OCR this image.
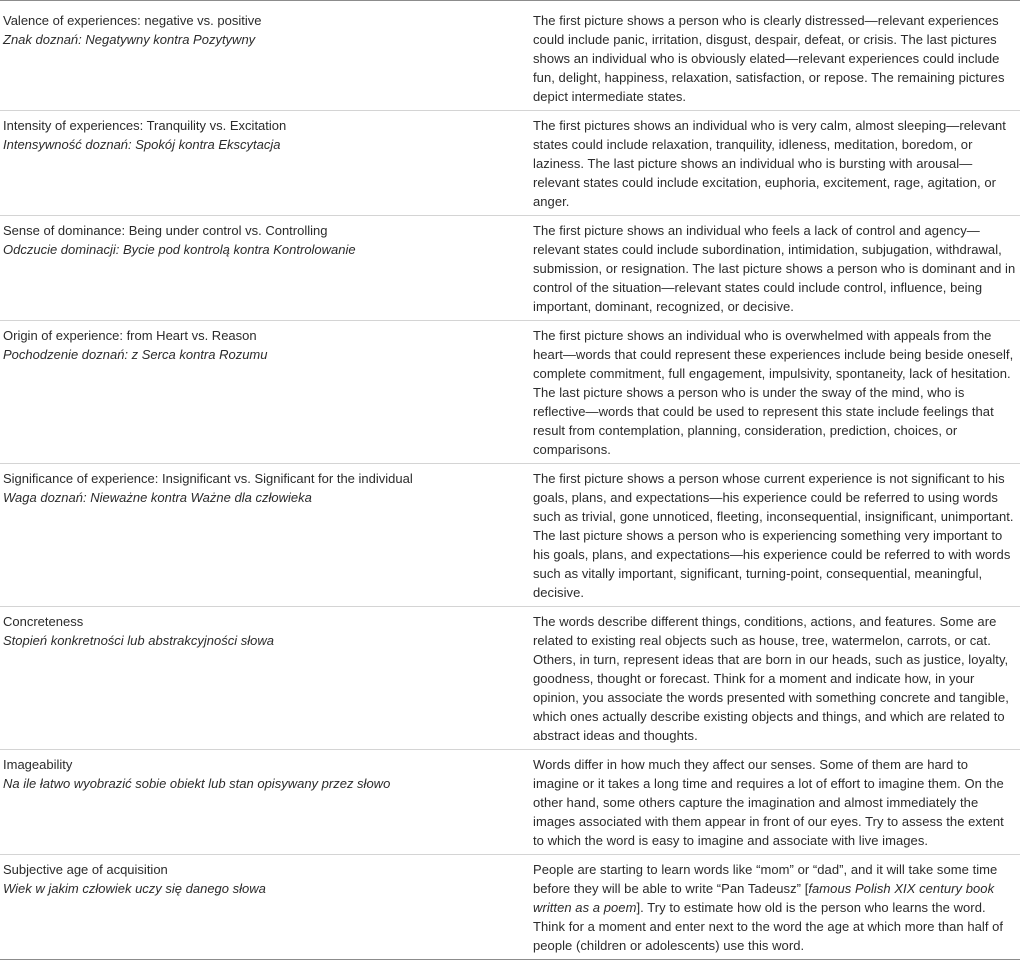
Valence of experiences: negative vs. positive
Znak doznań: Negatywny kontra Pozytywny
The first picture shows a person who is clearly distressed—relevant experiences could include panic, irritation, disgust, despair, defeat, or crisis. The last pictures shows an individual who is obviously elated—relevant experiences could include fun, delight, happiness, relaxation, satisfaction, or repose. The remaining pictures depict intermediate states.
Intensity of experiences: Tranquility vs. Excitation
Intensywność doznań: Spokój kontra Ekscytacja
The first pictures shows an individual who is very calm, almost sleeping—relevant states could include relaxation, tranquility, idleness, meditation, boredom, or laziness. The last picture shows an individual who is bursting with arousal—relevant states could include excitation, euphoria, excitement, rage, agitation, or anger.
Sense of dominance: Being under control vs. Controlling
Odczucie dominacji: Bycie pod kontrolą kontra Kontrolowanie
The first picture shows an individual who feels a lack of control and agency—relevant states could include subordination, intimidation, subjugation, withdrawal, submission, or resignation. The last picture shows a person who is dominant and in control of the situation—relevant states could include control, influence, being important, dominant, recognized, or decisive.
Origin of experience: from Heart vs. Reason
Pochodzenie doznań: z Serca kontra Rozumu
The first picture shows an individual who is overwhelmed with appeals from the heart—words that could represent these experiences include being beside oneself, complete commitment, full engagement, impulsivity, spontaneity, lack of hesitation. The last picture shows a person who is under the sway of the mind, who is reflective—words that could be used to represent this state include feelings that result from contemplation, planning, consideration, prediction, choices, or comparisons.
Significance of experience: Insignificant vs. Significant for the individual
Waga doznań: Nieważne kontra Ważne dla człowieka
The first picture shows a person whose current experience is not significant to his goals, plans, and expectations—his experience could be referred to using words such as trivial, gone unnoticed, fleeting, inconsequential, insignificant, unimportant. The last picture shows a person who is experiencing something very important to his goals, plans, and expectations—his experience could be referred to with words such as vitally important, significant, turning-point, consequential, meaningful, decisive.
Concreteness
Stopień konkretności lub abstrakcyjności słowa
The words describe different things, conditions, actions, and features. Some are related to existing real objects such as house, tree, watermelon, carrots, or cat. Others, in turn, represent ideas that are born in our heads, such as justice, loyalty, goodness, thought or forecast. Think for a moment and indicate how, in your opinion, you associate the words presented with something concrete and tangible, which ones actually describe existing objects and things, and which are related to abstract ideas and thoughts.
Imageability
Na ile łatwo wyobrazić sobie obiekt lub stan opisywany przez słowo
Words differ in how much they affect our senses. Some of them are hard to imagine or it takes a long time and requires a lot of effort to imagine them. On the other hand, some others capture the imagination and almost immediately the images associated with them appear in front of our eyes. Try to assess the extent to which the word is easy to imagine and associate with live images.
Subjective age of acquisition
Wiek w jakim człowiek uczy się danego słowa
People are starting to learn words like “mom” or “dad”, and it will take some time before they will be able to write “Pan Tadeusz” [famous Polish XIX century book written as a poem]. Try to estimate how old is the person who learns the word. Think for a moment and enter next to the word the age at which more than half of people (children or adolescents) use this word.
